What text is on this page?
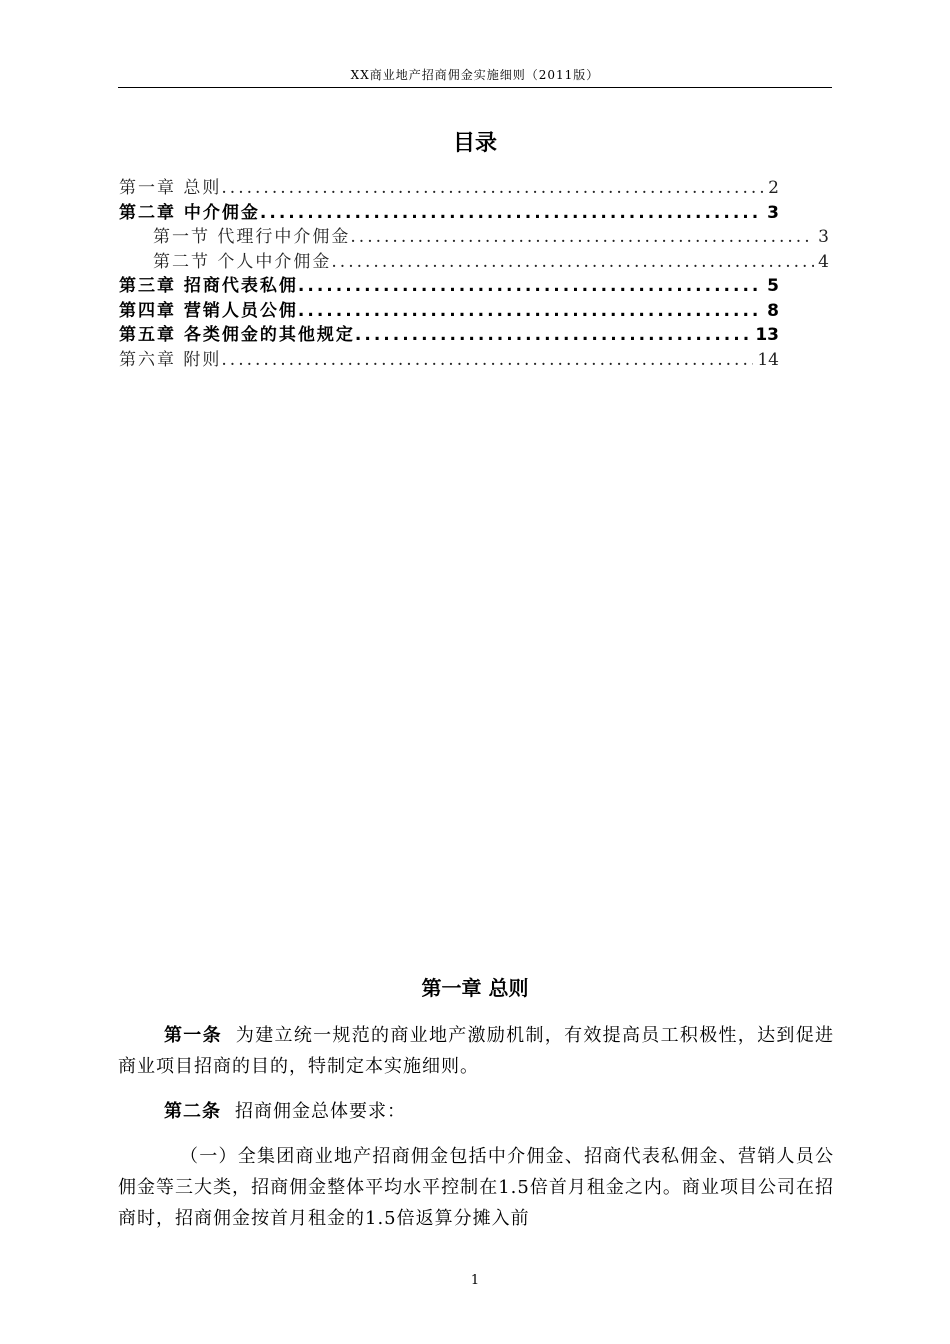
XX商业地产招商佣金实施细则（2011版）
目录
第一章 总则 .....	2
第二章 中介佣金 .....	3
第一节 代理行中介佣金 .....	3
第二节 个人中介佣金 .....	4
第三章 招商代表私佣 .....	5
第四章 营销人员公佣 .....	8
第五章 各类佣金的其他规定 .....	13
第六章 附则 .....	14
第一章 总则

第一条 为建立统一规范的商业地产激励机制，有效提高员工积极性，达到促进商业项目招商的目的，特制定本实施细则。

第二条 招商佣金总体要求：

（一）全集团商业地产招商佣金包括中介佣金、招商代表私佣金、营销人员公佣金等三大类，招商佣金整体平均水平控制在1.5倍首月租金之内。商业项目公司在招商时，招商佣金按首月租金的1.5倍返算分摊入前

1
